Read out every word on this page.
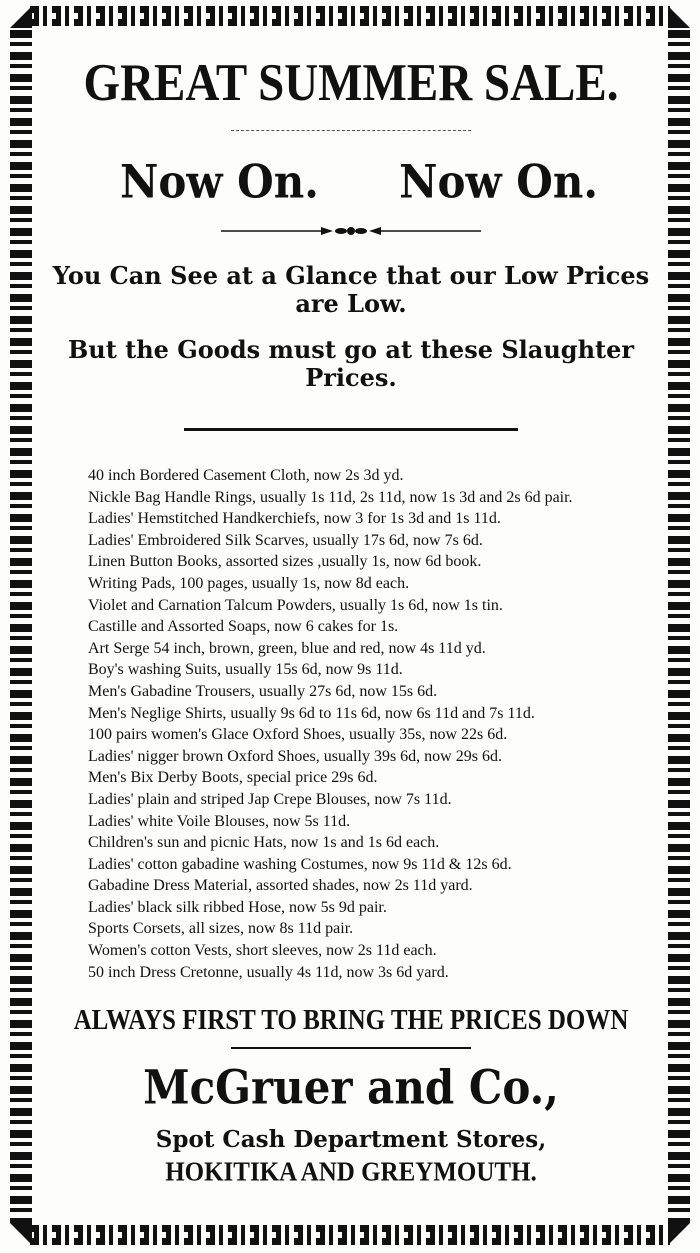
GREAT SUMMER SALE.
Now On. Now On.
You Can See at a Glance that our Low Prices are Low.
But the Goods must go at these Slaughter Prices.
40 inch Bordered Casement Cloth, now 2s 3d yd.
Nickle Bag Handle Rings, usually 1s 11d, 2s 11d, now 1s 3d and 2s 6d pair.
Ladies' Hemstitched Handkerchiefs, now 3 for 1s 3d and 1s 11d.
Ladies' Embroidered Silk Scarves, usually 17s 6d, now 7s 6d.
Linen Button Books, assorted sizes ,usually 1s, now 6d book.
Writing Pads, 100 pages, usually 1s, now 8d each.
Violet and Carnation Talcum Powders, usually 1s 6d, now 1s tin.
Castille and Assorted Soaps, now 6 cakes for 1s.
Art Serge 54 inch, brown, green, blue and red, now 4s 11d yd.
Boy's washing Suits, usually 15s 6d, now 9s 11d.
Men's Gabadine Trousers, usually 27s 6d, now 15s 6d.
Men's Neglige Shirts, usually 9s 6d to 11s 6d, now 6s 11d and 7s 11d.
100 pairs women's Glace Oxford Shoes, usually 35s, now 22s 6d.
Ladies' nigger brown Oxford Shoes, usually 39s 6d, now 29s 6d.
Men's Bix Derby Boots, special price 29s 6d.
Ladies' plain and striped Jap Crepe Blouses, now 7s 11d.
Ladies' white Voile Blouses, now 5s 11d.
Children's sun and picnic Hats, now 1s and 1s 6d each.
Ladies' cotton gabadine washing Costumes, now 9s 11d & 12s 6d.
Gabadine Dress Material, assorted shades, now 2s 11d yard.
Ladies' black silk ribbed Hose, now 5s 9d pair.
Sports Corsets, all sizes, now 8s 11d pair.
Women's cotton Vests, short sleeves, now 2s 11d each.
50 inch Dress Cretonne, usually 4s 11d, now 3s 6d yard.
ALWAYS FIRST TO BRING THE PRICES DOWN
McGruer and Co.,
Spot Cash Department Stores,
HOKITIKA AND GREYMOUTH.
